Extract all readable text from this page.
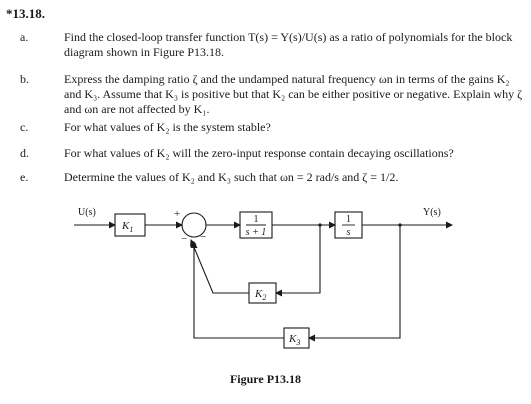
*13.18.
a.	Find the closed-loop transfer function T(s) = Y(s)/U(s) as a ratio of polynomials for the block diagram shown in Figure P13.18.
b.	Express the damping ratio ζ and the undamped natural frequency ωn in terms of the gains K₂ and K₃. Assume that K₃ is positive but that K₂ can be either positive or negative. Explain why ζ and ωn are not affected by K₁.
c.	For what values of K₂ is the system stable?
d.	For what values of K₂ will the zero-input response contain decaying oscillations?
e.	Determine the values of K₂ and K₃ such that ωn = 2 rad/s and ζ = 1/2.
U(s)	Y(s)
$K_1$
1
s + 1
1
s
$K_2$
$K_3$
+
−
−
Figure P13.18
